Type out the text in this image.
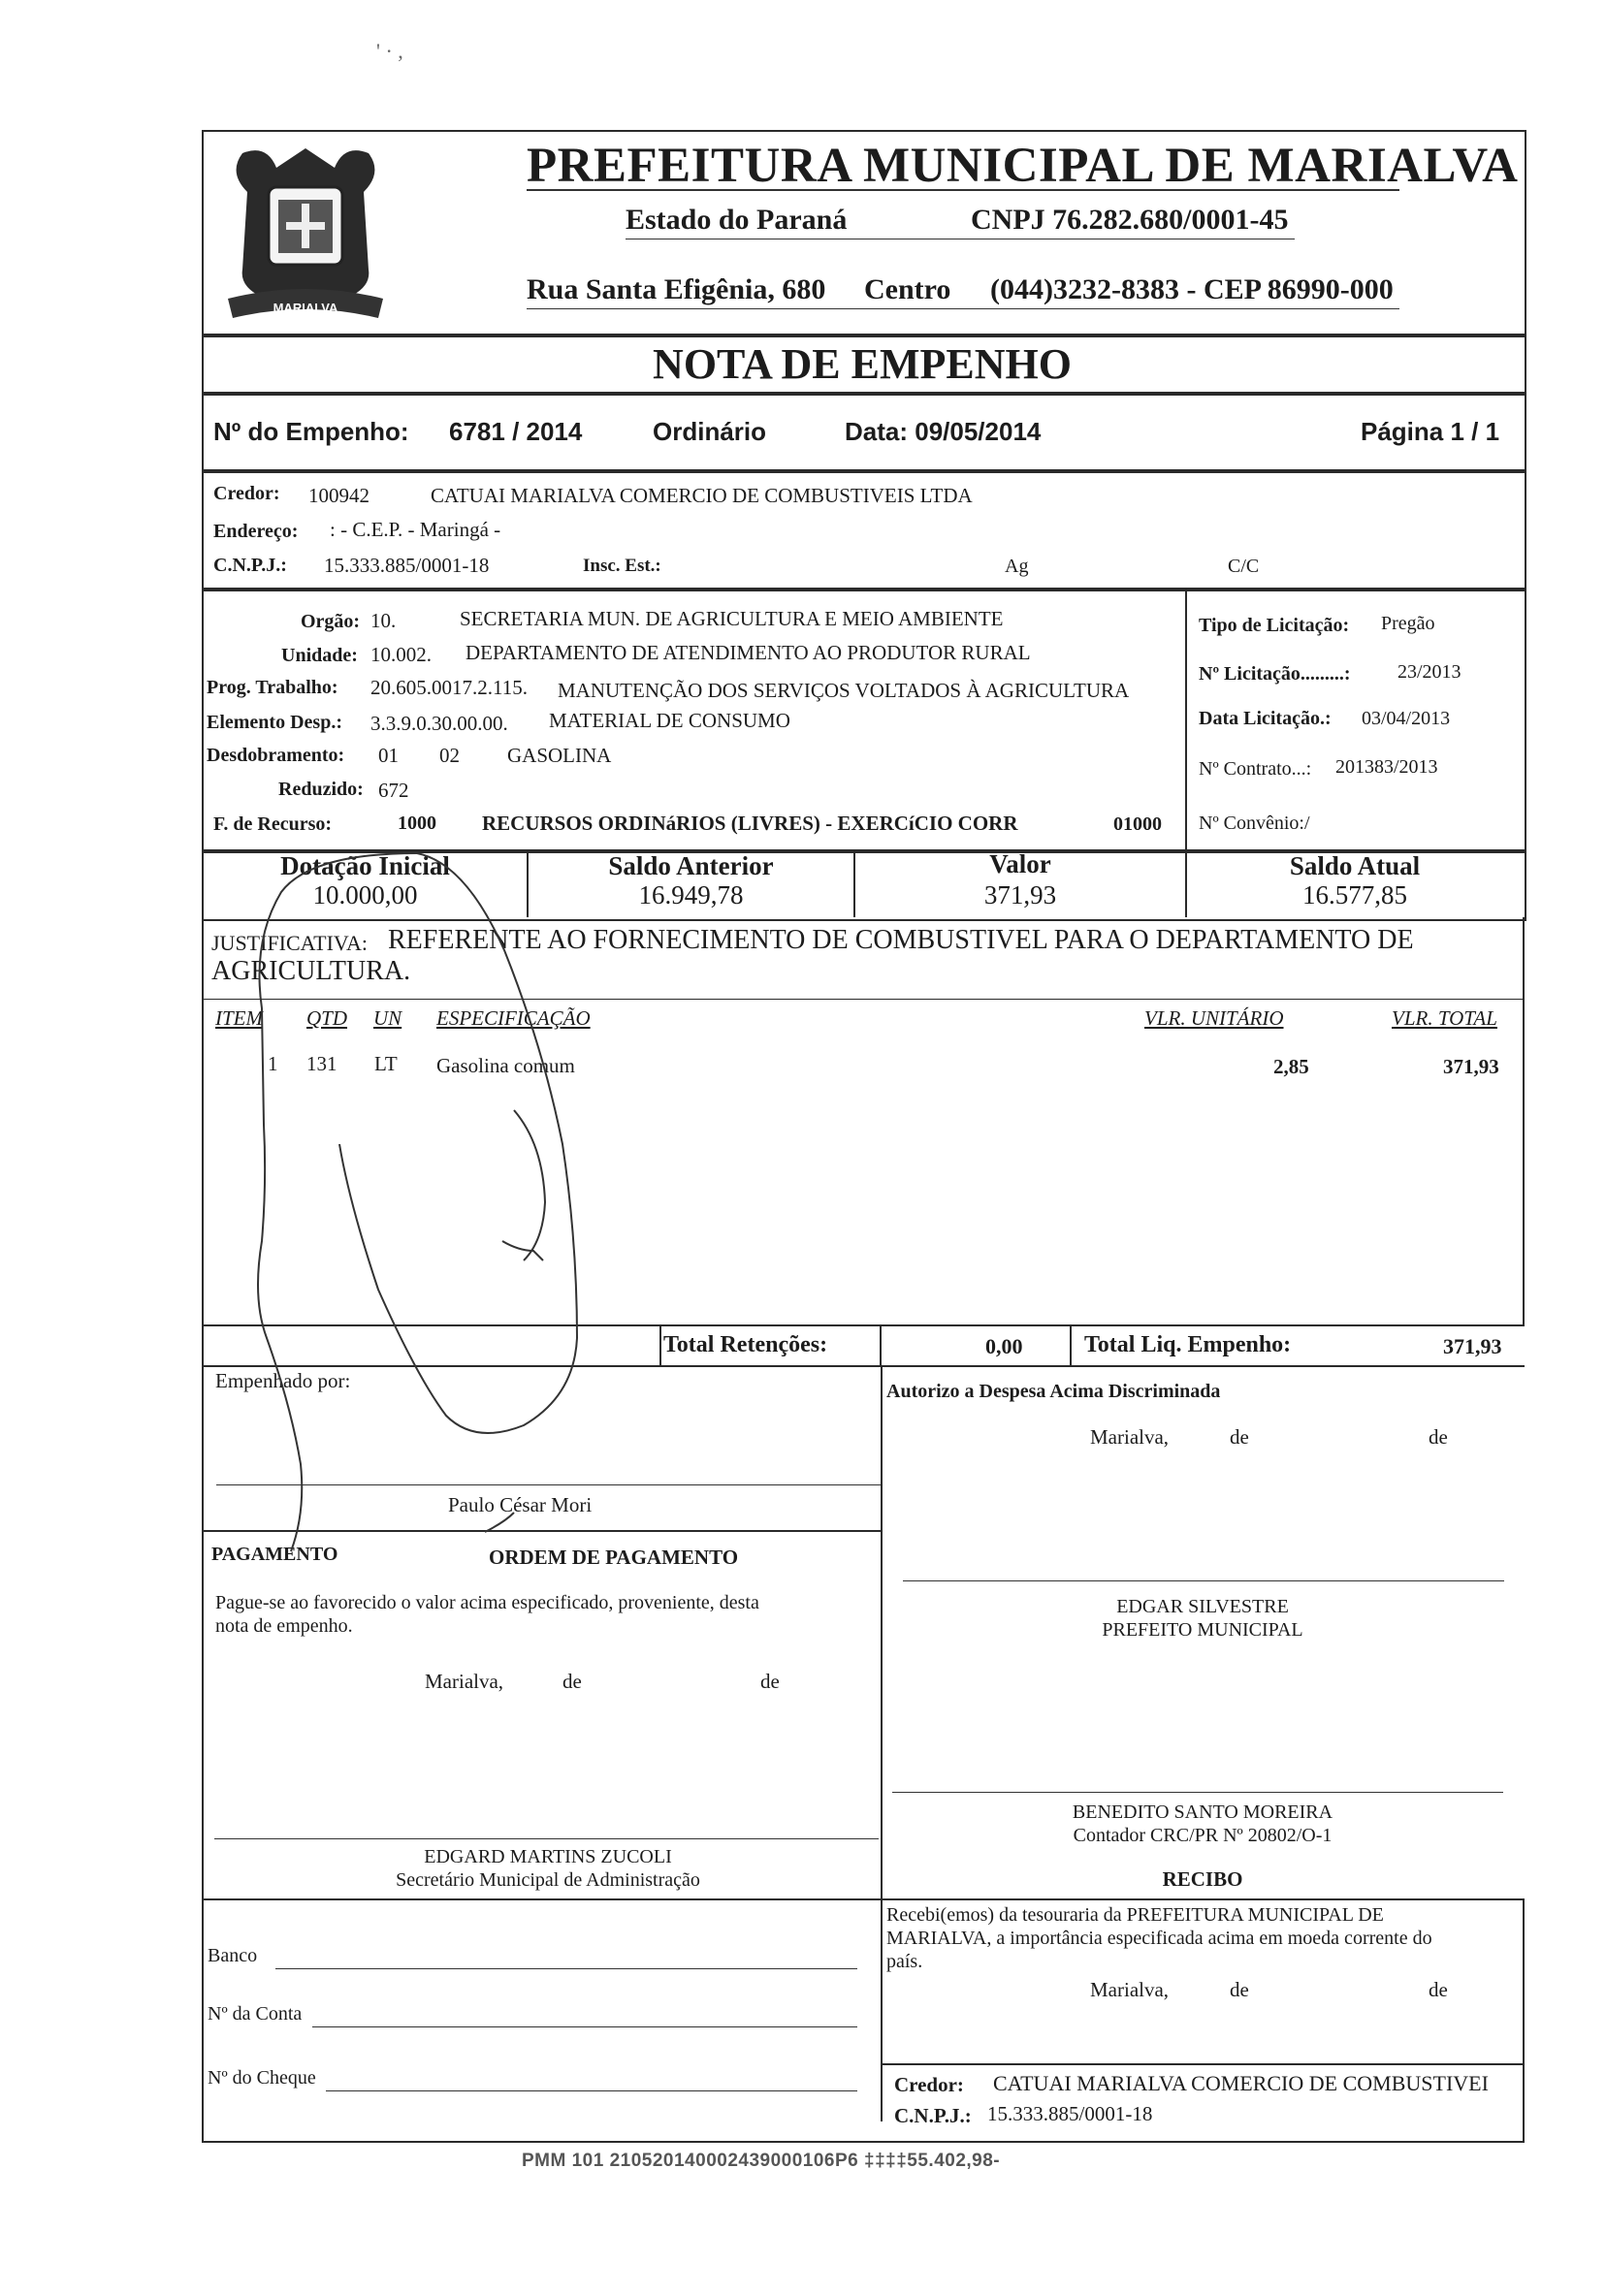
' · ,
MARIALVA
PREFEITURA MUNICIPAL DE MARIALVA
Estado do Paraná	CNPJ 76.282.680/0001-45
Rua Santa Efigênia, 680 Centro (044)3232-8383 - CEP 86990-000
NOTA DE EMPENHO
Nº do Empenho: 6781 / 2014	Ordinário	Data: 09/05/2014	Página 1 / 1
Credor: 100942	CATUAI MARIALVA COMERCIO DE COMBUSTIVEIS LTDA
Endereço: : - C.E.P. - Maringá -
C.N.P.J.: 15.333.885/0001-18	Insc. Est.:	Ag	C/C
Orgão: 10.	SECRETARIA MUN. DE AGRICULTURA E MEIO AMBIENTE
Unidade: 10.002. DEPARTAMENTO DE ATENDIMENTO AO PRODUTOR RURAL
Prog. Trabalho: 20.605.0017.2.115. MANUTENÇÃO DOS SERVIÇOS VOLTADOS À AGRICULTURA
Elemento Desp.: 3.3.9.0.30.00.00. MATERIAL DE CONSUMO
Desdobramento: 01 02 GASOLINA
Reduzido: 672
F. de Recurso:	1000 RECURSOS ORDINáRIOS (LIVRES) - EXERCíCIO CORR	01000
Tipo de Licitação: Pregão
Nº Licitação.........: 23/2013
Data Licitação.: 03/04/2013
Nº Contrato...: 201383/2013
Nº Convênio:/
Dotação Inicial
10.000,00
Saldo Anterior
16.949,78
Valor
371,93
Saldo Atual
16.577,85
JUSTIFICATIVA: REFERENTE AO FORNECIMENTO DE COMBUSTIVEL PARA O DEPARTAMENTO DE
AGRICULTURA.
ITEM QTD UN ESPECIFICAÇÃO	VLR. UNITÁRIO	VLR. TOTAL
1 131 LT Gasolina comum	2,85	371,93
Total Retenções:	0,00	Total Liq. Empenho:	371,93
Empenhado por:
Paulo César Mori
Autorizo a Despesa Acima Discriminada
Marialva,	de	de
PAGAMENTO	ORDEM DE PAGAMENTO
Pague-se ao favorecido o valor acima especificado, proveniente, desta
nota de empenho.
Marialva,	de	de
EDGARD MARTINS ZUCOLI
Secretário Municipal de Administração
EDGAR SILVESTRE
PREFEITO MUNICIPAL
BENEDITO SANTO MOREIRA
Contador CRC/PR Nº 20802/O-1
RECIBO
Recebi(emos) da tesouraria da PREFEITURA MUNICIPAL DE
MARIALVA, a importância especificada acima em moeda corrente do
país.
Marialva,	de	de
Banco
Nº da Conta
Nº do Cheque	Credor: CATUAI MARIALVA COMERCIO DE COMBUSTIVEI
C.N.P.J.: 15.333.885/0001-18
PMM 101 210520140002439000106P6 ‡‡‡‡55.402,98-
